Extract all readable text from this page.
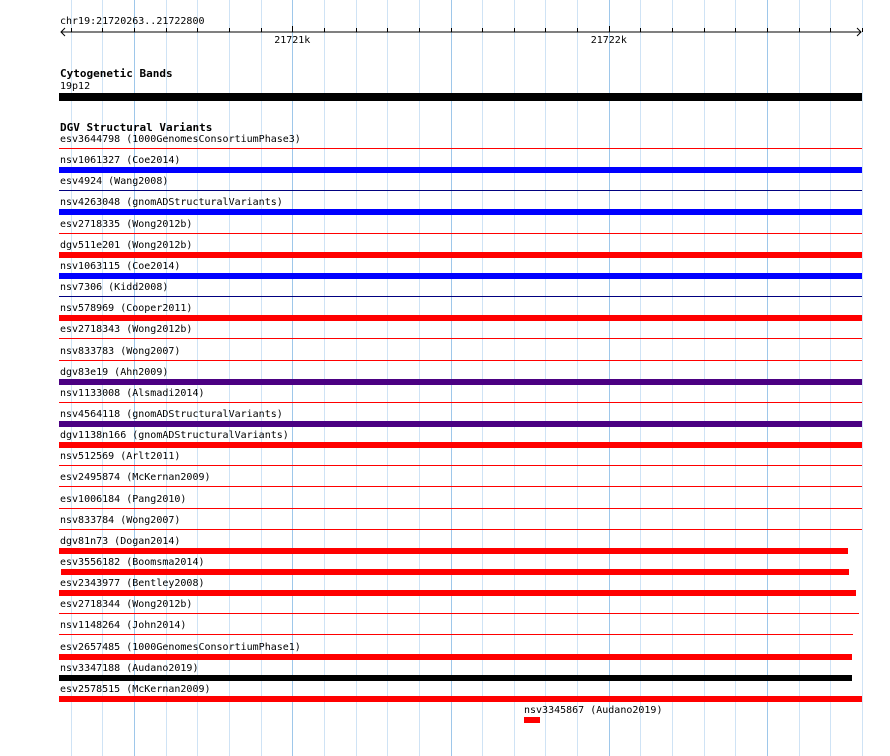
chr19:21720263..21722800
21721k	21722k
Cytogenetic Bands
19p12
DGV Structural Variants
esv3644798 (1000GenomesConsortiumPhase3)
nsv1061327 (Coe2014)
esv4924 (Wang2008)
nsv4263048 (gnomADStructuralVariants)
esv2718335 (Wong2012b)
dgv511e201 (Wong2012b)
nsv1063115 (Coe2014)
nsv7306 (Kidd2008)
nsv578969 (Cooper2011)
esv2718343 (Wong2012b)
nsv833783 (Wong2007)
dgv83e19 (Ahn2009)
nsv1133008 (Alsmadi2014)
nsv4564118 (gnomADStructuralVariants)
dgv1138n166 (gnomADStructuralVariants)
nsv512569 (Arlt2011)
esv2495874 (McKernan2009)
esv1006184 (Pang2010)
nsv833784 (Wong2007)
dgv81n73 (Dogan2014)
esv3556182 (Boomsma2014)
esv2343977 (Bentley2008)
esv2718344 (Wong2012b)
nsv1148264 (John2014)
esv2657485 (1000GenomesConsortiumPhase1)
nsv3347188 (Audano2019)
esv2578515 (McKernan2009)
nsv3345867 (Audano2019)
